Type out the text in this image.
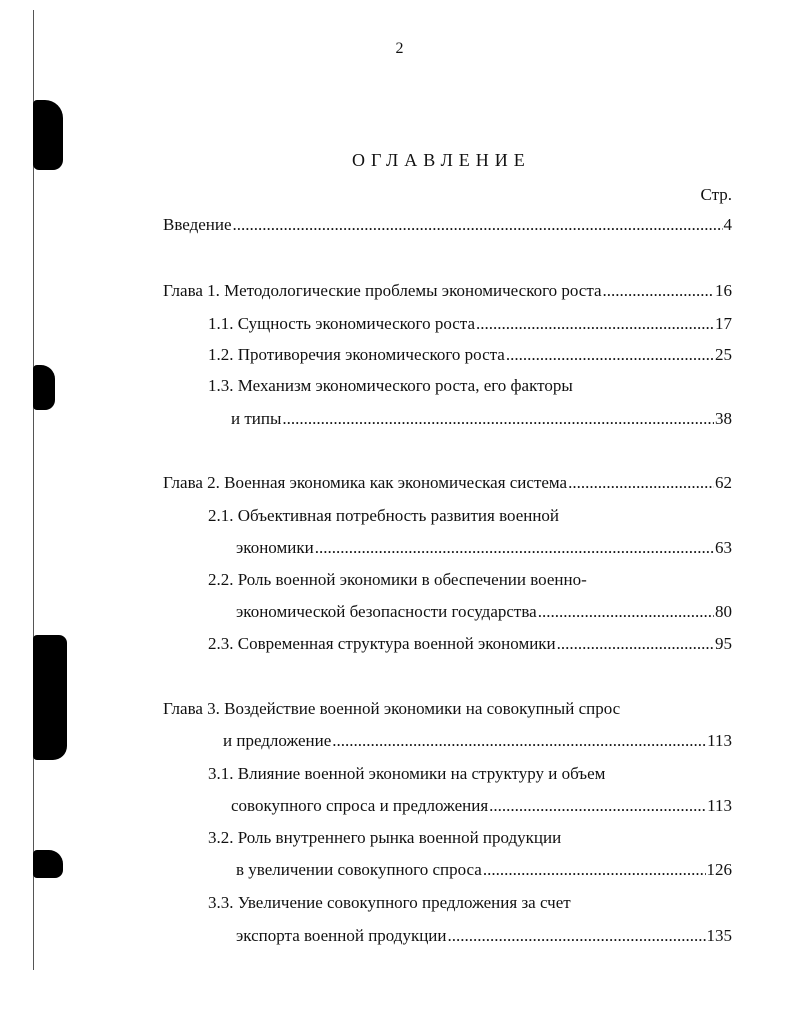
2
ОГЛАВЛЕНИЕ
Стр.
Введение .....	4
Глава 1. Методологические проблемы экономического роста .....	16
1.1. Сущность экономического роста .....	17
1.2. Противоречия экономического роста .....	25
1.3. Механизм экономического роста, его факторы
и типы .....	38
Глава 2. Военная экономика как экономическая система .....	62
2.1. Объективная потребность развития военной
экономики .....	63
2.2. Роль военной экономики в обеспечении военно-
экономической безопасности государства .....	80
2.3. Современная структура военной экономики .....	95
Глава 3. Воздействие военной экономики на совокупный спрос
и предложение .....	113
3.1. Влияние военной экономики на структуру и объем
совокупного спроса и предложения .....	113
3.2. Роль внутреннего рынка военной продукции
в увеличении совокупного спроса .....	126
3.3. Увеличение совокупного предложения за счет
экспорта военной продукции .....	135
